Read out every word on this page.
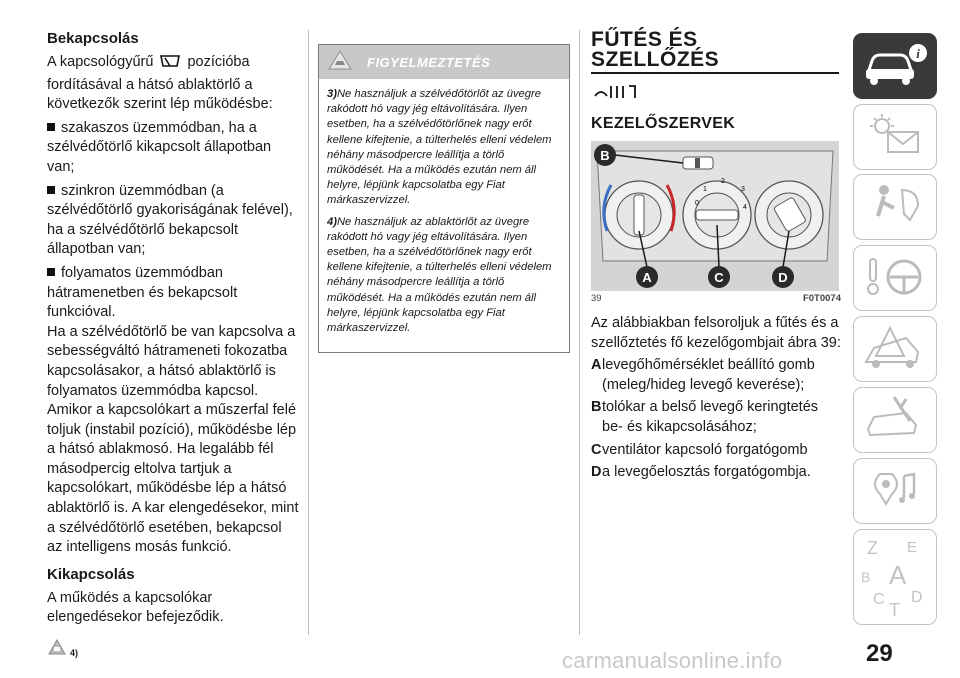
Bekapcsolás

A kapcsológyűrű pozícióba fordításával a hátsó ablaktörlő a következők szerint lép működésbe:

szakaszos üzemmódban, ha a szélvédőtörlő kikapcsolt állapotban van;

szinkron üzemmódban (a szélvédőtörlő gyakoriságának felével), ha a szélvédőtörlő bekapcsolt állapotban van;

folyamatos üzemmódban hátramenetben és bekapcsolt funkcióval.

Ha a szélvédőtörlő be van kapcsolva a sebességváltó hátrameneti fokozatba kapcsolásakor, a hátsó ablaktörlő is folyamatos üzemmódba kapcsol.

Amikor a kapcsolókart a műszerfal felé toljuk (instabil pozíció), működésbe lép a hátsó ablakmosó. Ha legalább fél másodpercig eltolva tartjuk a kapcsolókart, működésbe lép a hátsó ablaktörlő is. A kar elengedésekor, mint a szélvédőtörlő esetében, bekapcsol az intelligens mosás funkció.

Kikapcsolás

A működés a kapcsolókar elengedésekor befejeződik.

4)
FIGYELMEZTETÉS

3)Ne használjuk a szélvédőtörlőt az üvegre rakódott hó vagy jég eltávolítására. Ilyen esetben, ha a szélvédőtörlőnek nagy erőt kellene kifejtenie, a túlterhelés elleni védelem néhány másodpercre leállítja a törlő működését. Ha a működés ezután nem áll helyre, lépjünk kapcsolatba egy Fiat márkaszervizzel.

4)Ne használjuk az ablaktörlőt az üvegre rakódott hó vagy jég eltávolítására. Ilyen esetben, ha a szélvédőtörlőnek nagy erőt kellene kifejtenie, a túlterhelés elleni védelem néhány másodpercre leállítja a törlő működését. Ha a működés ezután nem áll helyre, lépjünk kapcsolatba egy Fiat márkaszervizzel.

FŰTÉS ÉS
SZELLŐZÉS
KEZELŐSZERVEK
2
1	3
4
0
B
A	C	D
39	F0T0074

Az alábbiakban felsoroljuk a fűtés és a szellőztetés fő kezelőgombjait ábra 39:

A levegőhőmérséklet beállító gomb (meleg/hideg levegő keverése);
B tolókar a belső levegő keringtetés be- és kikapcsolásához;
C ventilátor kapcsoló forgatógomb
D a levegőelosztás forgatógombja.
i
Z E
B A
C D
T
29
carmanualsonline.info
